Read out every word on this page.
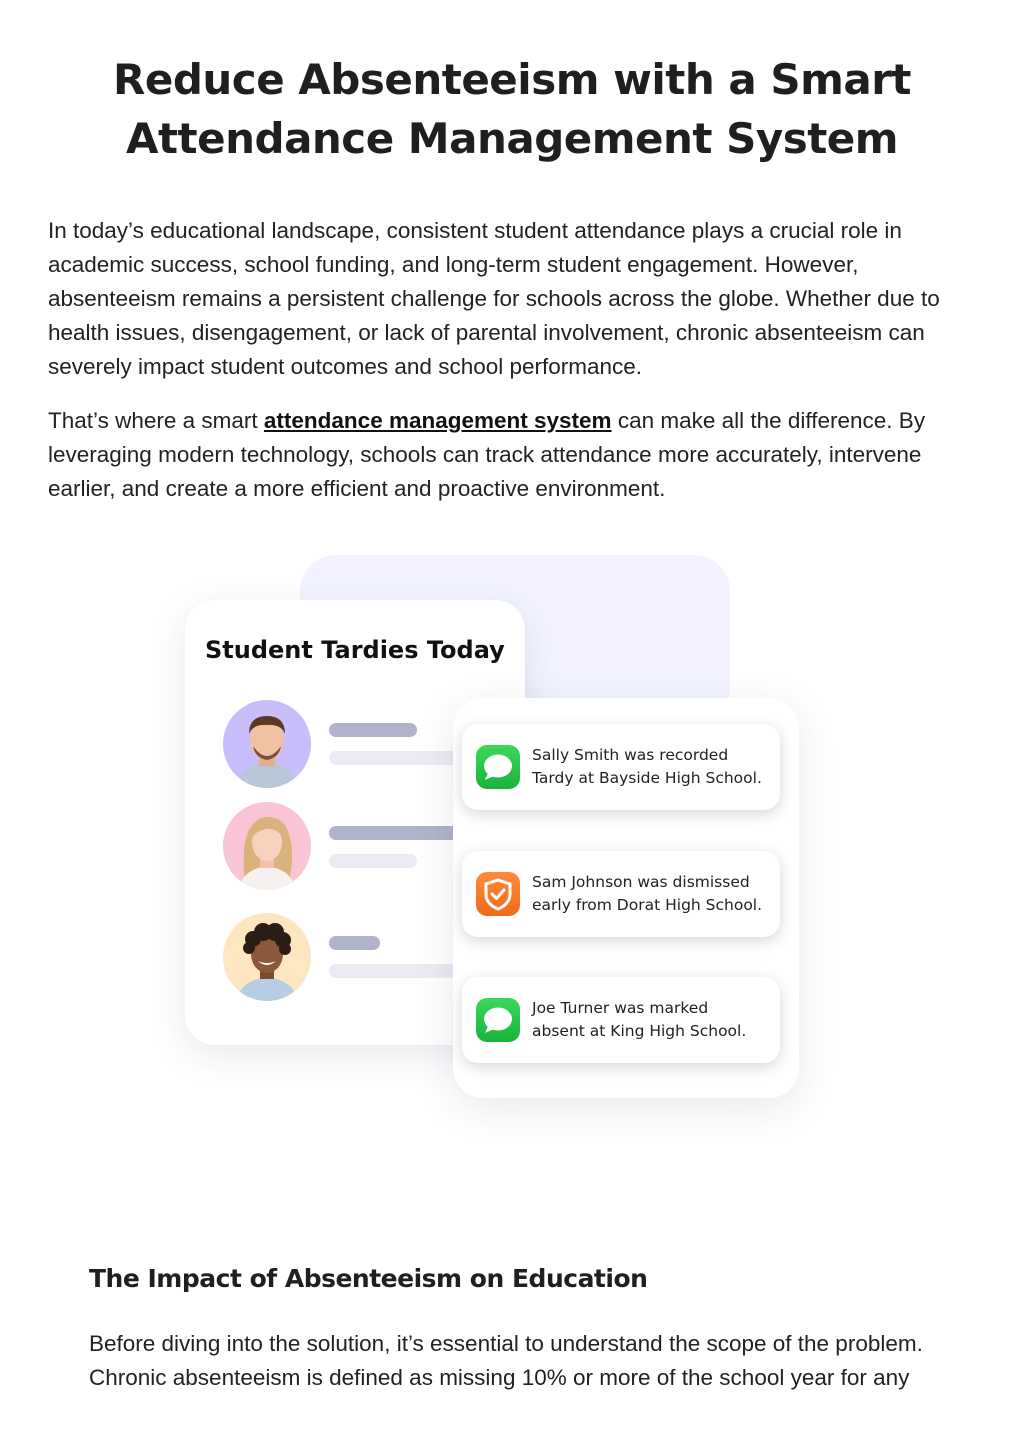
Reduce Absenteeism with a Smart
Attendance Management System

In today’s educational landscape, consistent student attendance plays a crucial role in academic success, school funding, and long-term student engagement. However, absenteeism remains a persistent challenge for schools across the globe. Whether due to health issues, disengagement, or lack of parental involvement, chronic absenteeism can severely impact student outcomes and school performance.

That’s where a smart attendance management system can make all the difference. By leveraging modern technology, schools can track attendance more accurately, intervene earlier, and create a more efficient and proactive environment.

Student Tardies Today

Sally Smith was recorded
Tardy at Bayside High School.

Sam Johnson was dismissed
early from Dorat High School.

Joe Turner was marked
absent at King High School.

The Impact of Absenteeism on Education

Before diving into the solution, it’s essential to understand the scope of the problem. Chronic absenteeism is defined as missing 10% or more of the school year for any
